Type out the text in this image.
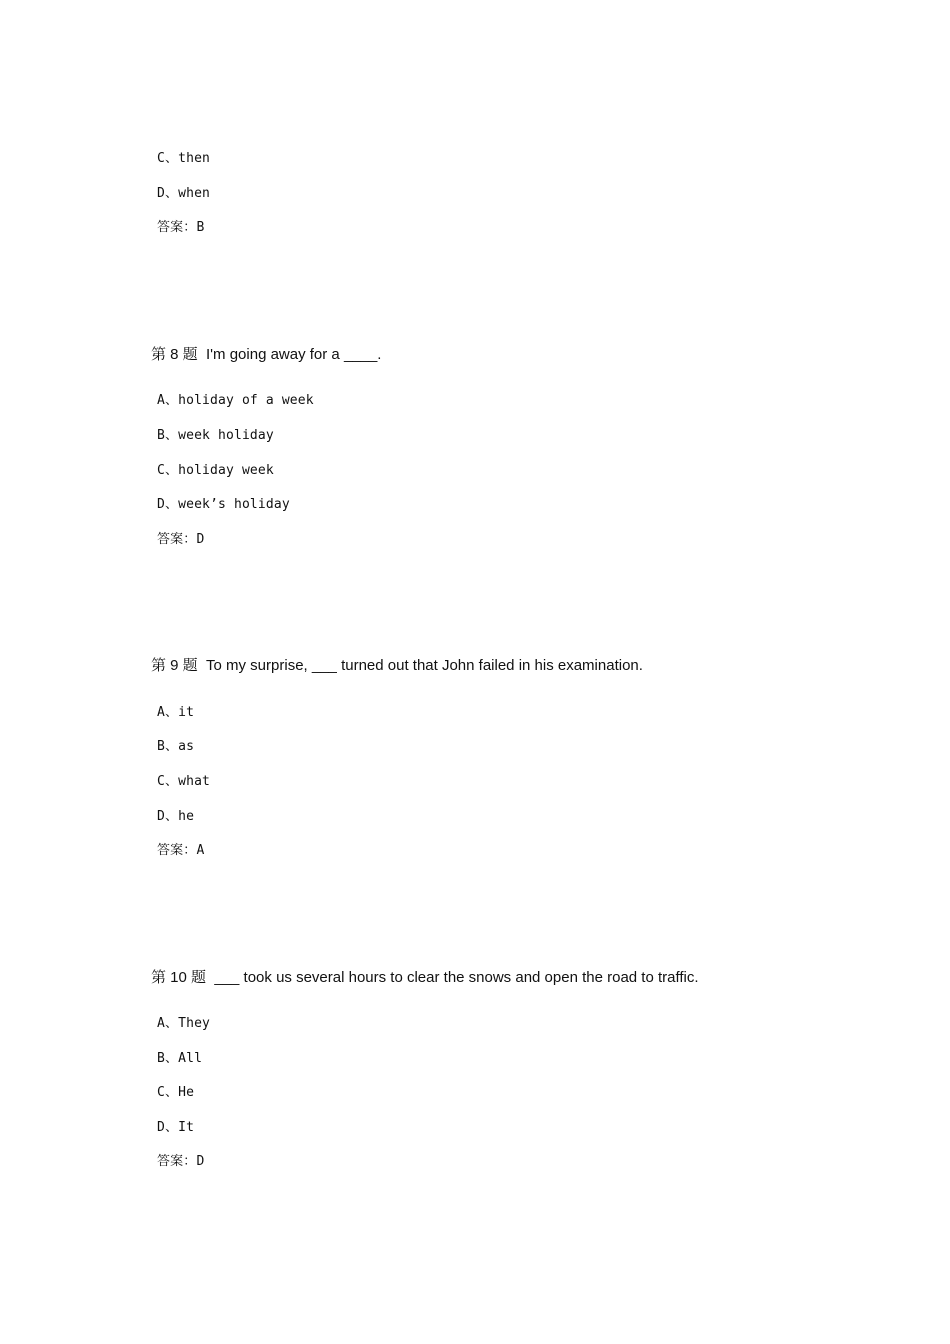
C、then
D、when
答案：B
第 8 题  I'm going away for a ____.
A、holiday of a week
B、week holiday
C、holiday week
D、week’s holiday
答案：D
第 9 题  To my surprise, ___ turned out that John failed in his examination.
A、it
B、as
C、what
D、he
答案：A
第 10 题  ___ took us several hours to clear the snows and open the road to traffic.
A、They
B、All
C、He
D、It
答案：D
